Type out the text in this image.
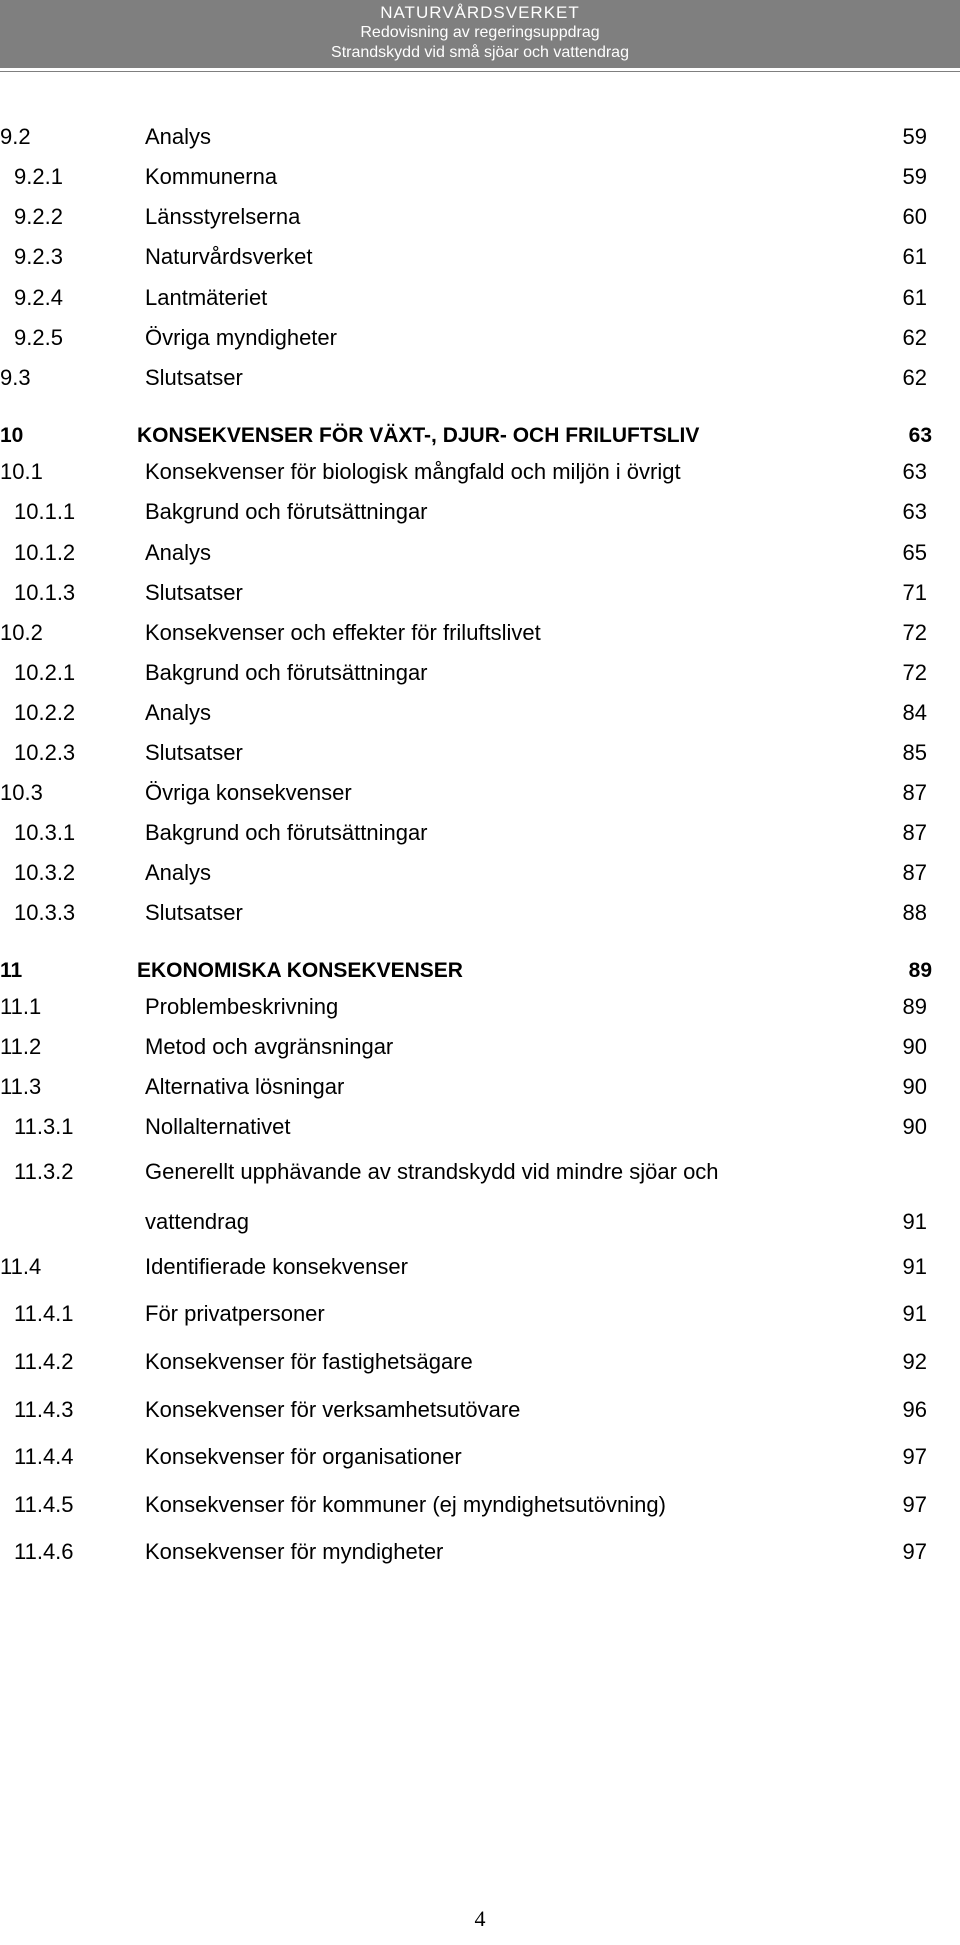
NATURVÅRDSVERKET
Redovisning av regeringsuppdrag
Strandskydd vid små sjöar och vattendrag
9.2	Analys	59
9.2.1	Kommunerna	59
9.2.2	Länsstyrelserna	60
9.2.3	Naturvårdsverket	61
9.2.4	Lantmäteriet	61
9.2.5	Övriga myndigheter	62
9.3	Slutsatser	62
10	KONSEKVENSER FÖR VÄXT-, DJUR- OCH FRILUFTSLIV	63
10.1	Konsekvenser för biologisk mångfald och miljön i övrigt	63
10.1.1	Bakgrund och förutsättningar	63
10.1.2	Analys	65
10.1.3	Slutsatser	71
10.2	Konsekvenser och effekter för friluftslivet	72
10.2.1	Bakgrund och förutsättningar	72
10.2.2	Analys	84
10.2.3	Slutsatser	85
10.3	Övriga konsekvenser	87
10.3.1	Bakgrund och förutsättningar	87
10.3.2	Analys	87
10.3.3	Slutsatser	88
11	EKONOMISKA KONSEKVENSER	89
11.1	Problembeskrivning	89
11.2	Metod och avgränsningar	90
11.3	Alternativa lösningar	90
11.3.1	Nollalternativet	90
11.3.2	Generellt upphävande av strandskydd vid mindre sjöar och
vattendrag	91
11.4	Identifierade konsekvenser	91
11.4.1	För privatpersoner	91
11.4.2	Konsekvenser för fastighetsägare	92
11.4.3	Konsekvenser för verksamhetsutövare	96
11.4.4	Konsekvenser för organisationer	97
11.4.5	Konsekvenser för kommuner (ej myndighetsutövning)	97
11.4.6	Konsekvenser för myndigheter	97
4
